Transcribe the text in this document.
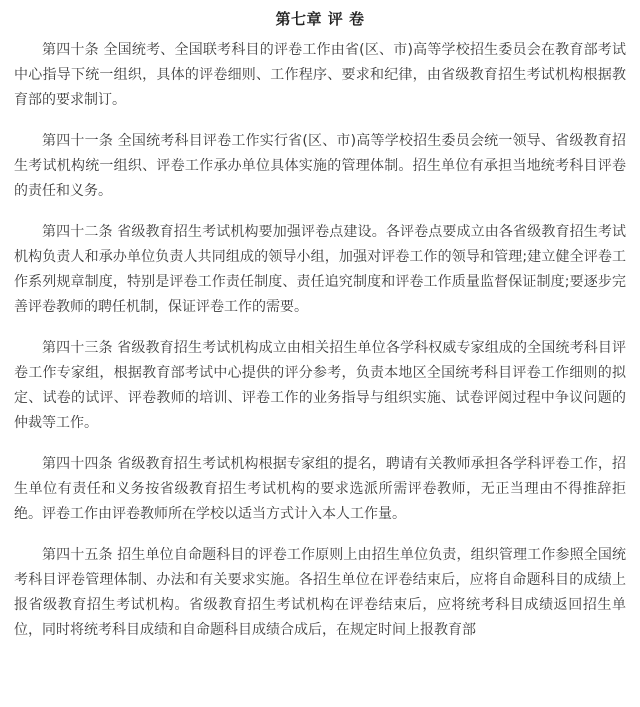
第七章 评 卷

第四十条 全国统考、全国联考科目的评卷工作由省(区、市)高等学校招生委员会在教育部考试中心指导下统一组织，具体的评卷细则、工作程序、要求和纪律，由省级教育招生考试机构根据教育部的要求制订。

第四十一条 全国统考科目评卷工作实行省(区、市)高等学校招生委员会统一领导、省级教育招生考试机构统一组织、评卷工作承办单位具体实施的管理体制。招生单位有承担当地统考科目评卷的责任和义务。

第四十二条 省级教育招生考试机构要加强评卷点建设。各评卷点要成立由各省级教育招生考试机构负责人和承办单位负责人共同组成的领导小组，加强对评卷工作的领导和管理;建立健全评卷工作系列规章制度，特别是评卷工作责任制度、责任追究制度和评卷工作质量监督保证制度;要逐步完善评卷教师的聘任机制，保证评卷工作的需要。

第四十三条 省级教育招生考试机构成立由相关招生单位各学科权威专家组成的全国统考科目评卷工作专家组，根据教育部考试中心提供的评分参考，负责本地区全国统考科目评卷工作细则的拟定、试卷的试评、评卷教师的培训、评卷工作的业务指导与组织实施、试卷评阅过程中争议问题的仲裁等工作。

第四十四条 省级教育招生考试机构根据专家组的提名，聘请有关教师承担各学科评卷工作，招生单位有责任和义务按省级教育招生考试机构的要求选派所需评卷教师，无正当理由不得推辞拒绝。评卷工作由评卷教师所在学校以适当方式计入本人工作量。

第四十五条 招生单位自命题科目的评卷工作原则上由招生单位负责，组织管理工作参照全国统考科目评卷管理体制、办法和有关要求实施。各招生单位在评卷结束后，应将自命题科目的成绩上报省级教育招生考试机构。省级教育招生考试机构在评卷结束后，应将统考科目成绩返回招生单位，同时将统考科目成绩和自命题科目成绩合成后，在规定时间上报教育部
